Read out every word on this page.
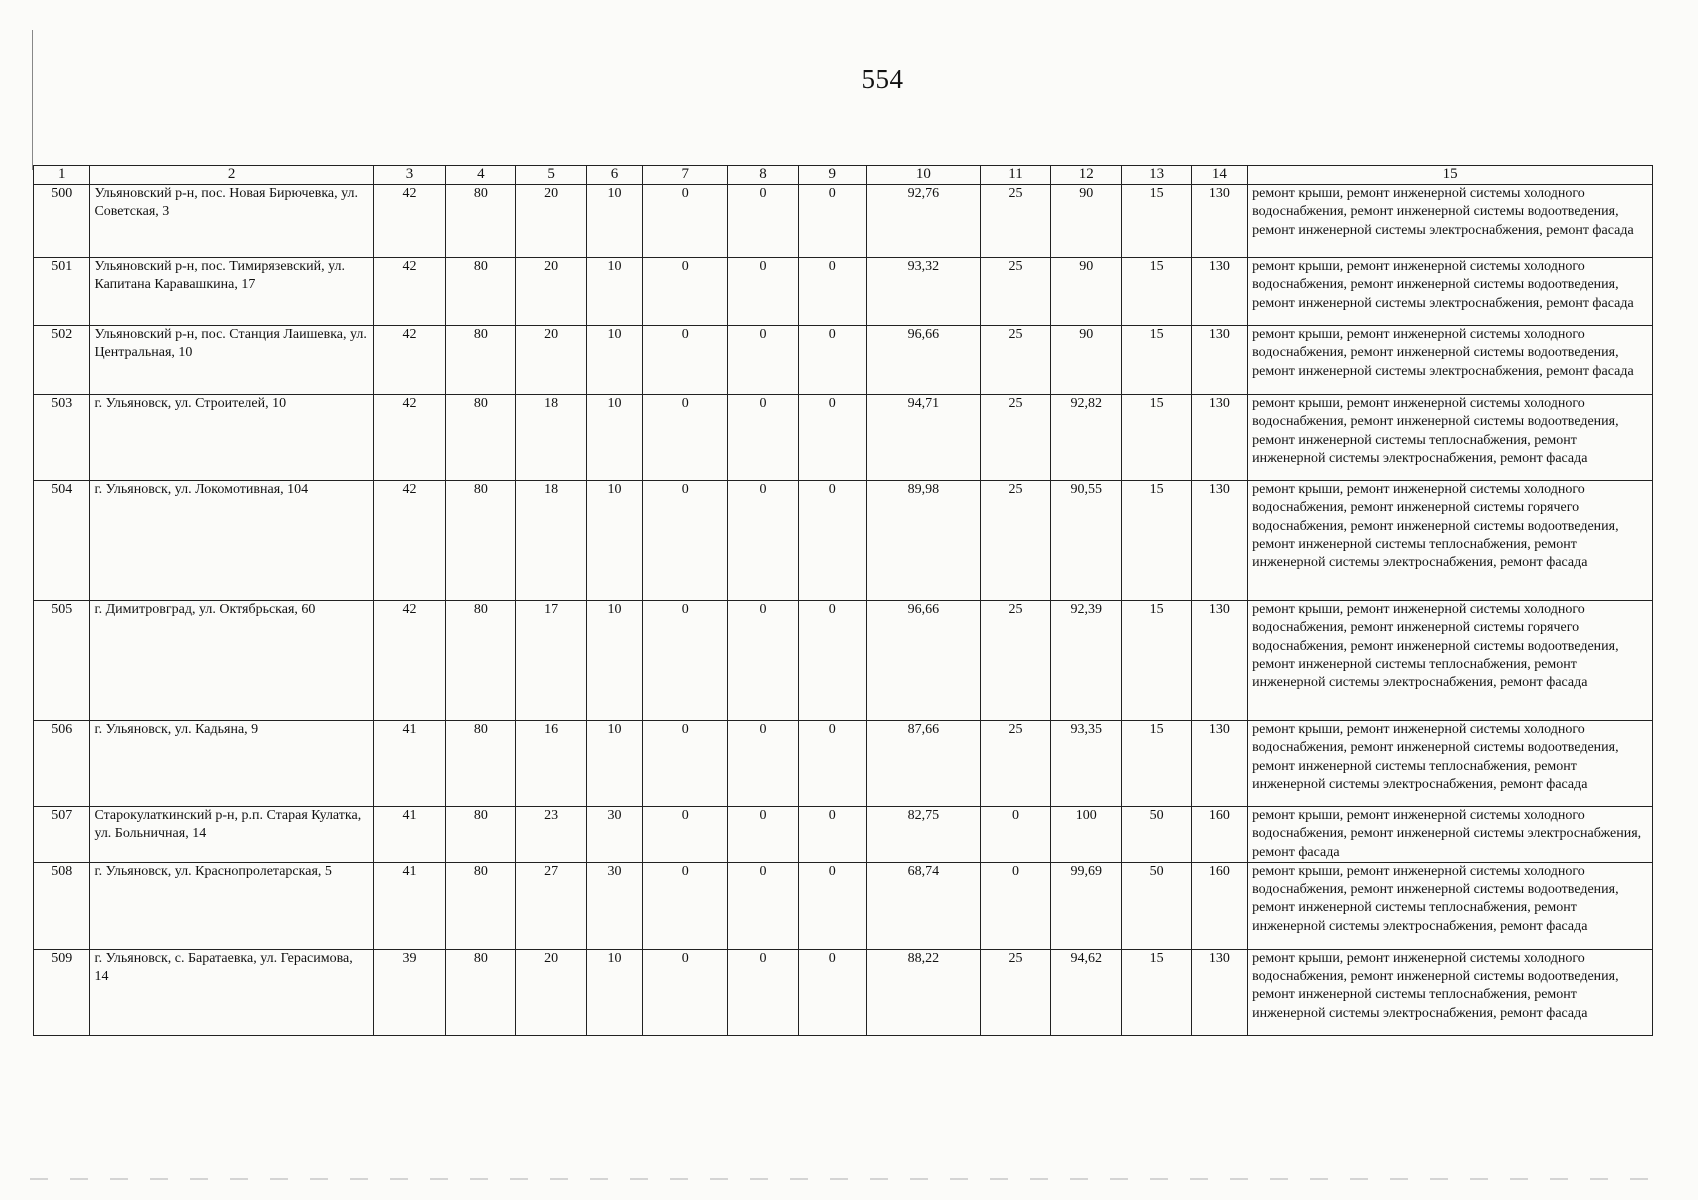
554
1	2	3	4	5	6	7	8	9	10	11	12	13	14	15
500	Ульяновский р-н, пос. Новая Бирючевка, ул. Советская, 3	42	80	20	10	0	0	0	92,76	25	90	15	130	ремонт крыши, ремонт инженерной системы холодного водоснабжения, ремонт инженерной системы водоотведения, ремонт инженерной системы электроснабжения, ремонт фасада
501	Ульяновский р-н, пос. Тимирязевский, ул. Капитана Каравашкина, 17	42	80	20	10	0	0	0	93,32	25	90	15	130	ремонт крыши, ремонт инженерной системы холодного водоснабжения, ремонт инженерной системы водоотведения, ремонт инженерной системы электроснабжения, ремонт фасада
502	Ульяновский р-н, пос. Станция Лаишевка, ул. Центральная, 10	42	80	20	10	0	0	0	96,66	25	90	15	130	ремонт крыши, ремонт инженерной системы холодного водоснабжения, ремонт инженерной системы водоотведения, ремонт инженерной системы электроснабжения, ремонт фасада
503	г. Ульяновск, ул. Строителей, 10	42	80	18	10	0	0	0	94,71	25	92,82	15	130	ремонт крыши, ремонт инженерной системы холодного водоснабжения, ремонт инженерной системы водоотведения, ремонт инженерной системы теплоснабжения, ремонт инженерной системы электроснабжения, ремонт фасада
504	г. Ульяновск, ул. Локомотивная, 104	42	80	18	10	0	0	0	89,98	25	90,55	15	130	ремонт крыши, ремонт инженерной системы холодного водоснабжения, ремонт инженерной системы горячего водоснабжения, ремонт инженерной системы водоотведения, ремонт инженерной системы теплоснабжения, ремонт инженерной системы электроснабжения, ремонт фасада
505	г. Димитровград, ул. Октябрьская, 60	42	80	17	10	0	0	0	96,66	25	92,39	15	130	ремонт крыши, ремонт инженерной системы холодного водоснабжения, ремонт инженерной системы горячего водоснабжения, ремонт инженерной системы водоотведения, ремонт инженерной системы теплоснабжения, ремонт инженерной системы электроснабжения, ремонт фасада
506	г. Ульяновск, ул. Кадьяна, 9	41	80	16	10	0	0	0	87,66	25	93,35	15	130	ремонт крыши, ремонт инженерной системы холодного водоснабжения, ремонт инженерной системы водоотведения, ремонт инженерной системы теплоснабжения, ремонт инженерной системы электроснабжения, ремонт фасада
507	Старокулаткинский р-н, р.п. Старая Кулатка, ул. Больничная, 14	41	80	23	30	0	0	0	82,75	0	100	50	160	ремонт крыши, ремонт инженерной системы холодного водоснабжения, ремонт инженерной системы электроснабжения, ремонт фасада
508	г. Ульяновск, ул. Краснопролетарская, 5	41	80	27	30	0	0	0	68,74	0	99,69	50	160	ремонт крыши, ремонт инженерной системы холодного водоснабжения, ремонт инженерной системы водоотведения, ремонт инженерной системы теплоснабжения, ремонт инженерной системы электроснабжения, ремонт фасада
509	г. Ульяновск, с. Баратаевка, ул. Герасимова, 14	39	80	20	10	0	0	0	88,22	25	94,62	15	130	ремонт крыши, ремонт инженерной системы холодного водоснабжения, ремонт инженерной системы водоотведения, ремонт инженерной системы теплоснабжения, ремонт инженерной системы электроснабжения, ремонт фасада
